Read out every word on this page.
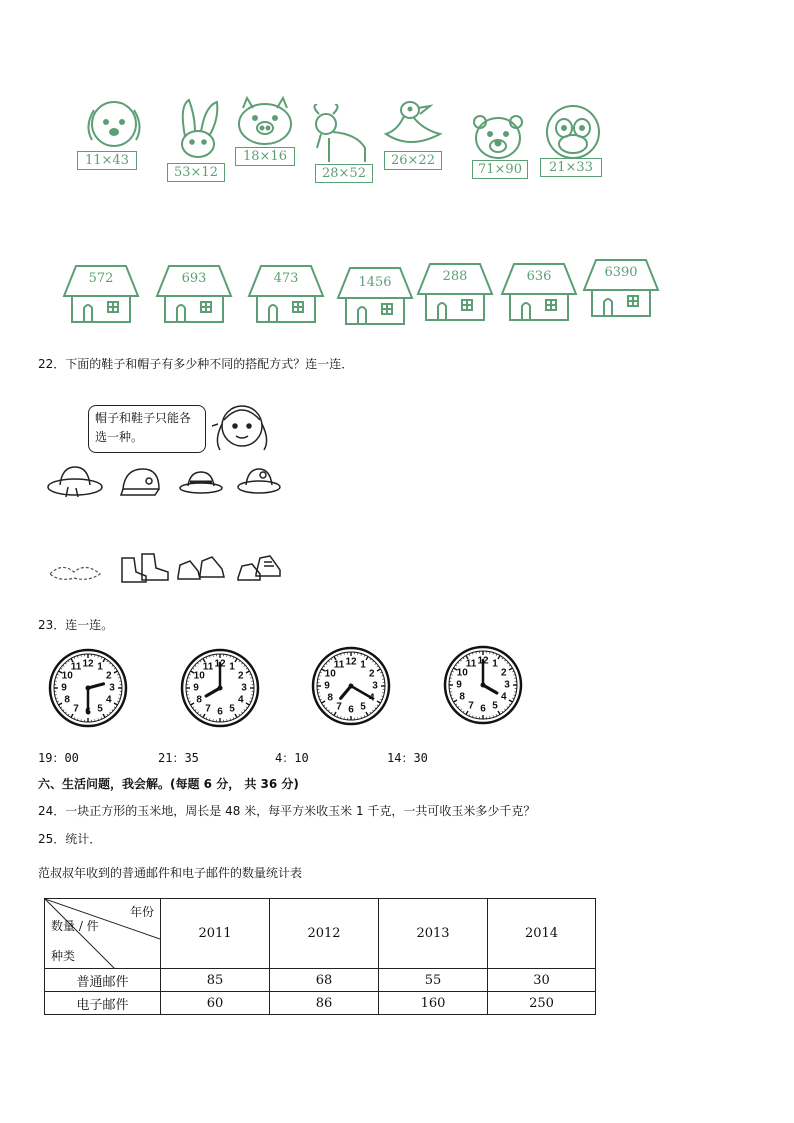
11×43
53×12
18×16
28×52
26×22
71×90	21×33
572	693	473	1456	288	636	6390
22．下面的鞋子和帽子有多少种不同的搭配方式？连一连．
帽子和鞋子只能各选一种。
23．连一连。
1
2
3
4
5
6
7
8
9
10
11 12	1
2
3
4
5
6
7
8
9
10
11 12	1
2
3
4
5
6
7
8
9
10
11 12	1
2
3
4
5
6
7
8
9
10
11 12
19：00	21：35	4：10	14：30
六、生活问题，我会解。(每题 6 分， 共 36 分)
24．一块正方形的玉米地，周长是 48 米，每平方米收玉米 1 千克，一共可收玉米多少千克？
25．统计．
范叔叔年收到的普通邮件和电子邮件的数量统计表
年份
数量 / 件
种类	2011	2012	2013	2014
普通邮件	85	68	55	30
电子邮件	60	86	160	250
